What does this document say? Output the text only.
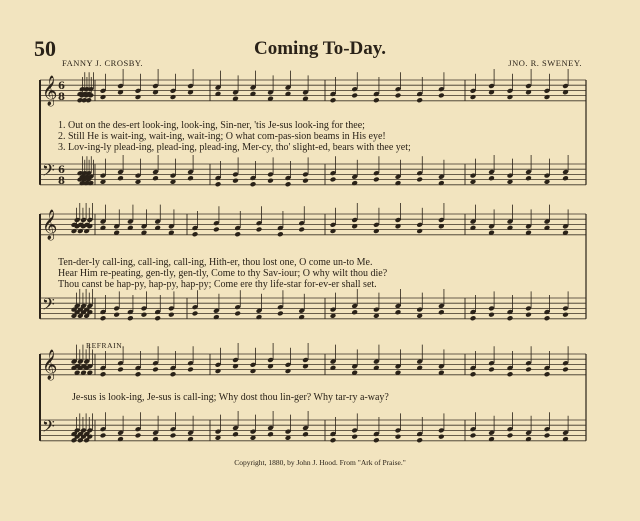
𝄞 6
8
𝄢 6
8
𝄞
𝄢
𝄞
𝄢
50	Coming To-Day.
FANNY J. CROSBY.	JNO. R. SWENEY.
1. Out on the des-ert look-ing, look-ing, Sin-ner, 'tis Je-sus look-ing for thee;
2. Still He is wait-ing, wait-ing, wait-ing; O what com-pas-sion beams in His eye!
3. Lov-ing-ly plead-ing, plead-ing, plead-ing, Mer-cy, tho' slight-ed, bears with thee yet;
Ten-der-ly call-ing, call-ing, call-ing, Hith-er, thou lost one, O come un-to Me.
Hear Him re-peating, gen-tly, gen-tly, Come to thy Sav-iour; O why wilt thou die?
Thou canst be hap-py, hap-py, hap-py; Come ere thy life-star for-ev-er shall set.
REFRAIN.
Je-sus is look-ing, Je-sus is call-ing; Why dost thou lin-ger? Why tar-ry a-way?
Copyright, 1880, by John J. Hood. From "Ark of Praise."
